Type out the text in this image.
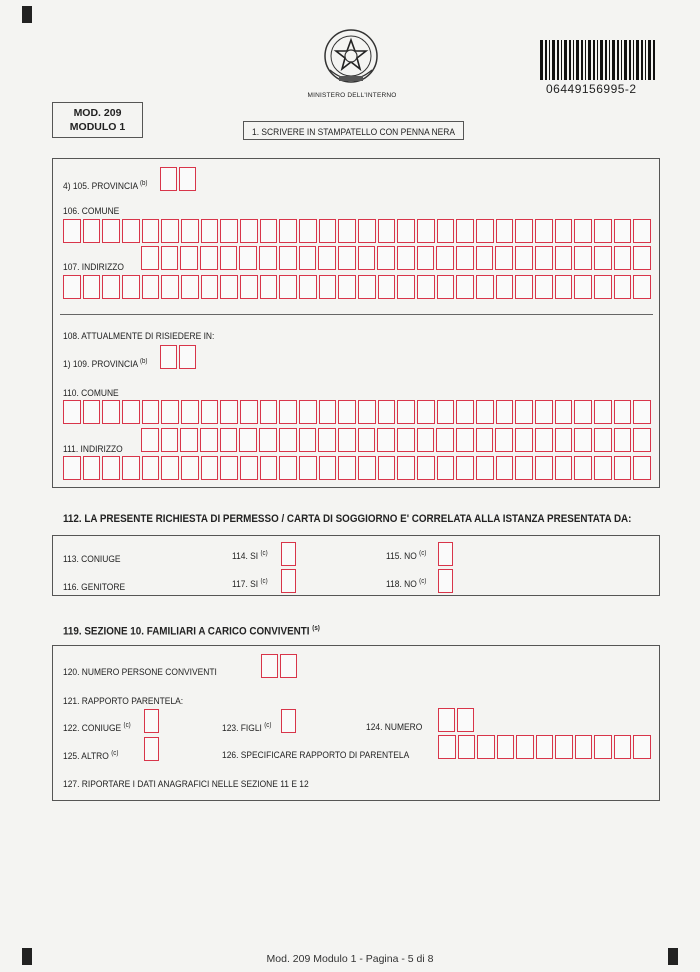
MINISTERO DELL'INTERNO	06449156995-2
MOD. 209
MODULO 1	1. SCRIVERE IN STAMPATELLO CON PENNA NERA
4) 105. PROVINCIA $^{(b)}$
106. COMUNE
107. INDIRIZZO
108. ATTUALMENTE DI RISIEDERE IN:
1) 109. PROVINCIA $^{(b)}$
110. COMUNE
111. INDIRIZZO
112. LA PRESENTE RICHIESTA DI PERMESSO / CARTA DI SOGGIORNO E' CORRELATA ALLA ISTANZA PRESENTATA DA:
113. CONIUGE	114. SI $^{(c)}$	115. NO $^{(c)}$
116. GENITORE	117. SI $^{(c)}$	118. NO $^{(c)}$
119. SEZIONE 10. FAMILIARI A CARICO CONVIVENTI $^{(s)}$
120. NUMERO PERSONE CONVIVENTI
121. RAPPORTO PARENTELA:
122. CONIUGE $^{(c)}$	123. FIGLI $^{(c)}$	124. NUMERO
125. ALTRO $^{(c)}$	126. SPECIFICARE RAPPORTO DI PARENTELA
127. RIPORTARE I DATI ANAGRAFICI NELLE SEZIONE 11 E 12
Mod. 209 Modulo 1 - Pagina - 5 di 8
